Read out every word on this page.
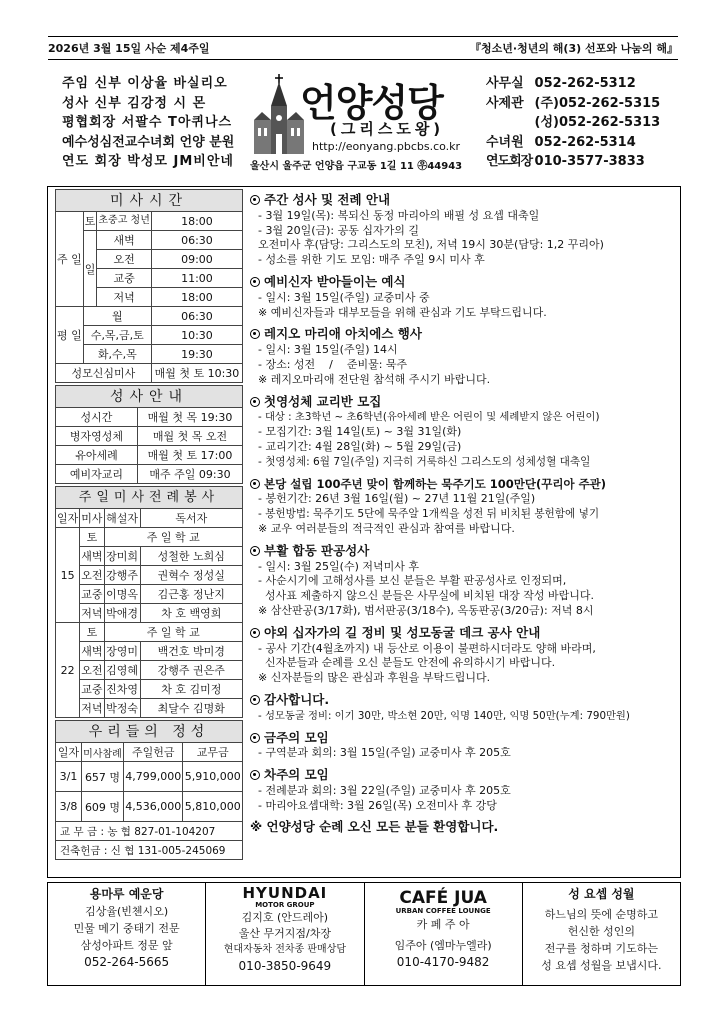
2026년 3월 15일 사순 제4주일	『청소년·청년의 해(3) 선포와 나눔의 해』
주임 신부 이상율 바실리오
성사 신부 김강정 시 몬
평협회장 서팔수 T아퀴나스
예수성심전교수녀회 언양 분원
연도 회장 박성모 JM비안네
언양성당
(그리스도왕)
http://eonyang.pbcbs.co.kr
울산시 울주군 언양읍 구교동 1길 11 ㉾44943
사무실 052-262-5312
사제관 (주)052-262-5315
(성)052-262-5313
수녀원 052-262-5314
연도회장 010-3577-3833
미사시간
주 일	토	초중고 청년	18:00
	일	새벽	06:30
		오전	09:00
		교중	11:00
		저녁	18:00
평 일	월		06:30
	수,목,금,토		10:30
	화,수,목		19:30
성모신심미사			매월 첫 토 10:30
성사안내
성시간	매월 첫 목 19:30
병자영성체	매월 첫 목 오전
유아세례	매월 첫 토 17:00
예비자교리	매주 주일 09:30
주일미사전례봉사
일자	미사	해설자	독서자
15	토	주 일 학 교	
	새벽	장미희	성철한 노희심
	오전	강행주	권혁수 정성실
	교중	이명옥	김근홍 정난지
	저녁	박애경	차 호 백영희
22	토	주 일 학 교	
	새벽	장영미	백건호 박미경
	오전	김영혜	강행주 권은주
	교중	진차영	차 호 김미정
	저녁	박정숙	최달수 김명화
우리들의 정성
일자	미사참례	주일헌금	교무금
3/1	657 명	4,799,000	5,910,000
3/8	609 명	4,536,000	5,810,000
교 무 금 : 농 협 827-01-104207			
건축헌금 : 신 협 131-005-245069			
주간 성사 및 전례 안내
- 3월 19일(목): 복되신 동정 마리아의 배필 성 요셉 대축일
- 3월 20일(금): 공동 십자가의 길
오전미사 후(담당: 그리스도의 모친), 저녁 19시 30분(담당: 1,2 꾸리아)
- 성소를 위한 기도 모임: 매주 주일 9시 미사 후
예비신자 받아들이는 예식
- 일시: 3월 15일(주일) 교중미사 중
※ 예비신자들과 대부모들을 위해 관심과 기도 부탁드립니다.
레지오 마리애 아치에스 행사
- 일시: 3월 15일(주일) 14시
- 장소: 성전    /    준비물: 묵주
※ 레지오마리애 전단원 참석해 주시기 바랍니다.
첫영성체 교리반 모집
- 대상 : 초3학년 ~ 초6학년(유아세례 받은 어린이 및 세례받지 않은 어린이)
- 모집기간: 3월 14일(토) ~ 3월 31일(화)
- 교리기간: 4월 28일(화) ~ 5월 29일(금)
- 첫영성체: 6월 7일(주일) 지극히 거룩하신 그리스도의 성체성혈 대축일
본당 설립 100주년 맞이 함께하는 묵주기도 100만단(꾸리아 주관)
- 봉헌기간: 26년 3월 16일(월) ~ 27년 11월 21일(주일)
- 봉헌방법: 묵주기도 5단에 묵주알 1개씩을 성전 뒤 비치된 봉헌함에 넣기
※ 교우 여러분들의 적극적인 관심과 참여를 바랍니다.
부활 합동 판공성사
- 일시: 3월 25일(수) 저녁미사 후
- 사순시기에 고해성사를 보신 분들은 부활 판공성사로 인정되며,
성사표 제출하지 않으신 분들은 사무실에 비치된 대장 작성 바랍니다.
※ 삼산판공(3/17화), 범서판공(3/18수), 옥동판공(3/20금): 저녁 8시
야외 십자가의 길 정비 및 성모동굴 데크 공사 안내
- 공사 기간(4월초까지) 내 등산로 이용이 불편하시더라도 양해 바라며,
신자분들과 순례를 오신 분들도 안전에 유의하시기 바랍니다.
※ 신자분들의 많은 관심과 후원을 부탁드립니다.
감사합니다.
- 성모동굴 정비: 이기 30만, 박소현 20만, 익명 140만, 익명 50만(누계: 790만원)
금주의 모임
- 구역분과 회의: 3월 15일(주일) 교중미사 후 205호
차주의 모임
- 전례분과 회의: 3월 22일(주일) 교중미사 후 205호
- 마리아요셉대학: 3월 26일(목) 오전미사 후 강당
※ 언양성당 순례 오신 모든 분들 환영합니다.
용마루 예운당
김상율(빈첸시오)
민물 메기 중태기 전문
삼성아파트 정문 앞
052-264-5665
HYUNDAI
MOTOR GROUP
김지호 (안드레아)
울산 무거지점/차장
현대자동차 전차종 판매상담
010-3850-9649
CAFÉ JUA
URBAN COFFEE LOUNGE
카 페 주 아
임주아 (엠마누엘라)
010-4170-9482
성 요셉 성월
하느님의 뜻에 순명하고
헌신한 성인의
전구를 청하며 기도하는
성 요셉 성월을 보냅시다.
